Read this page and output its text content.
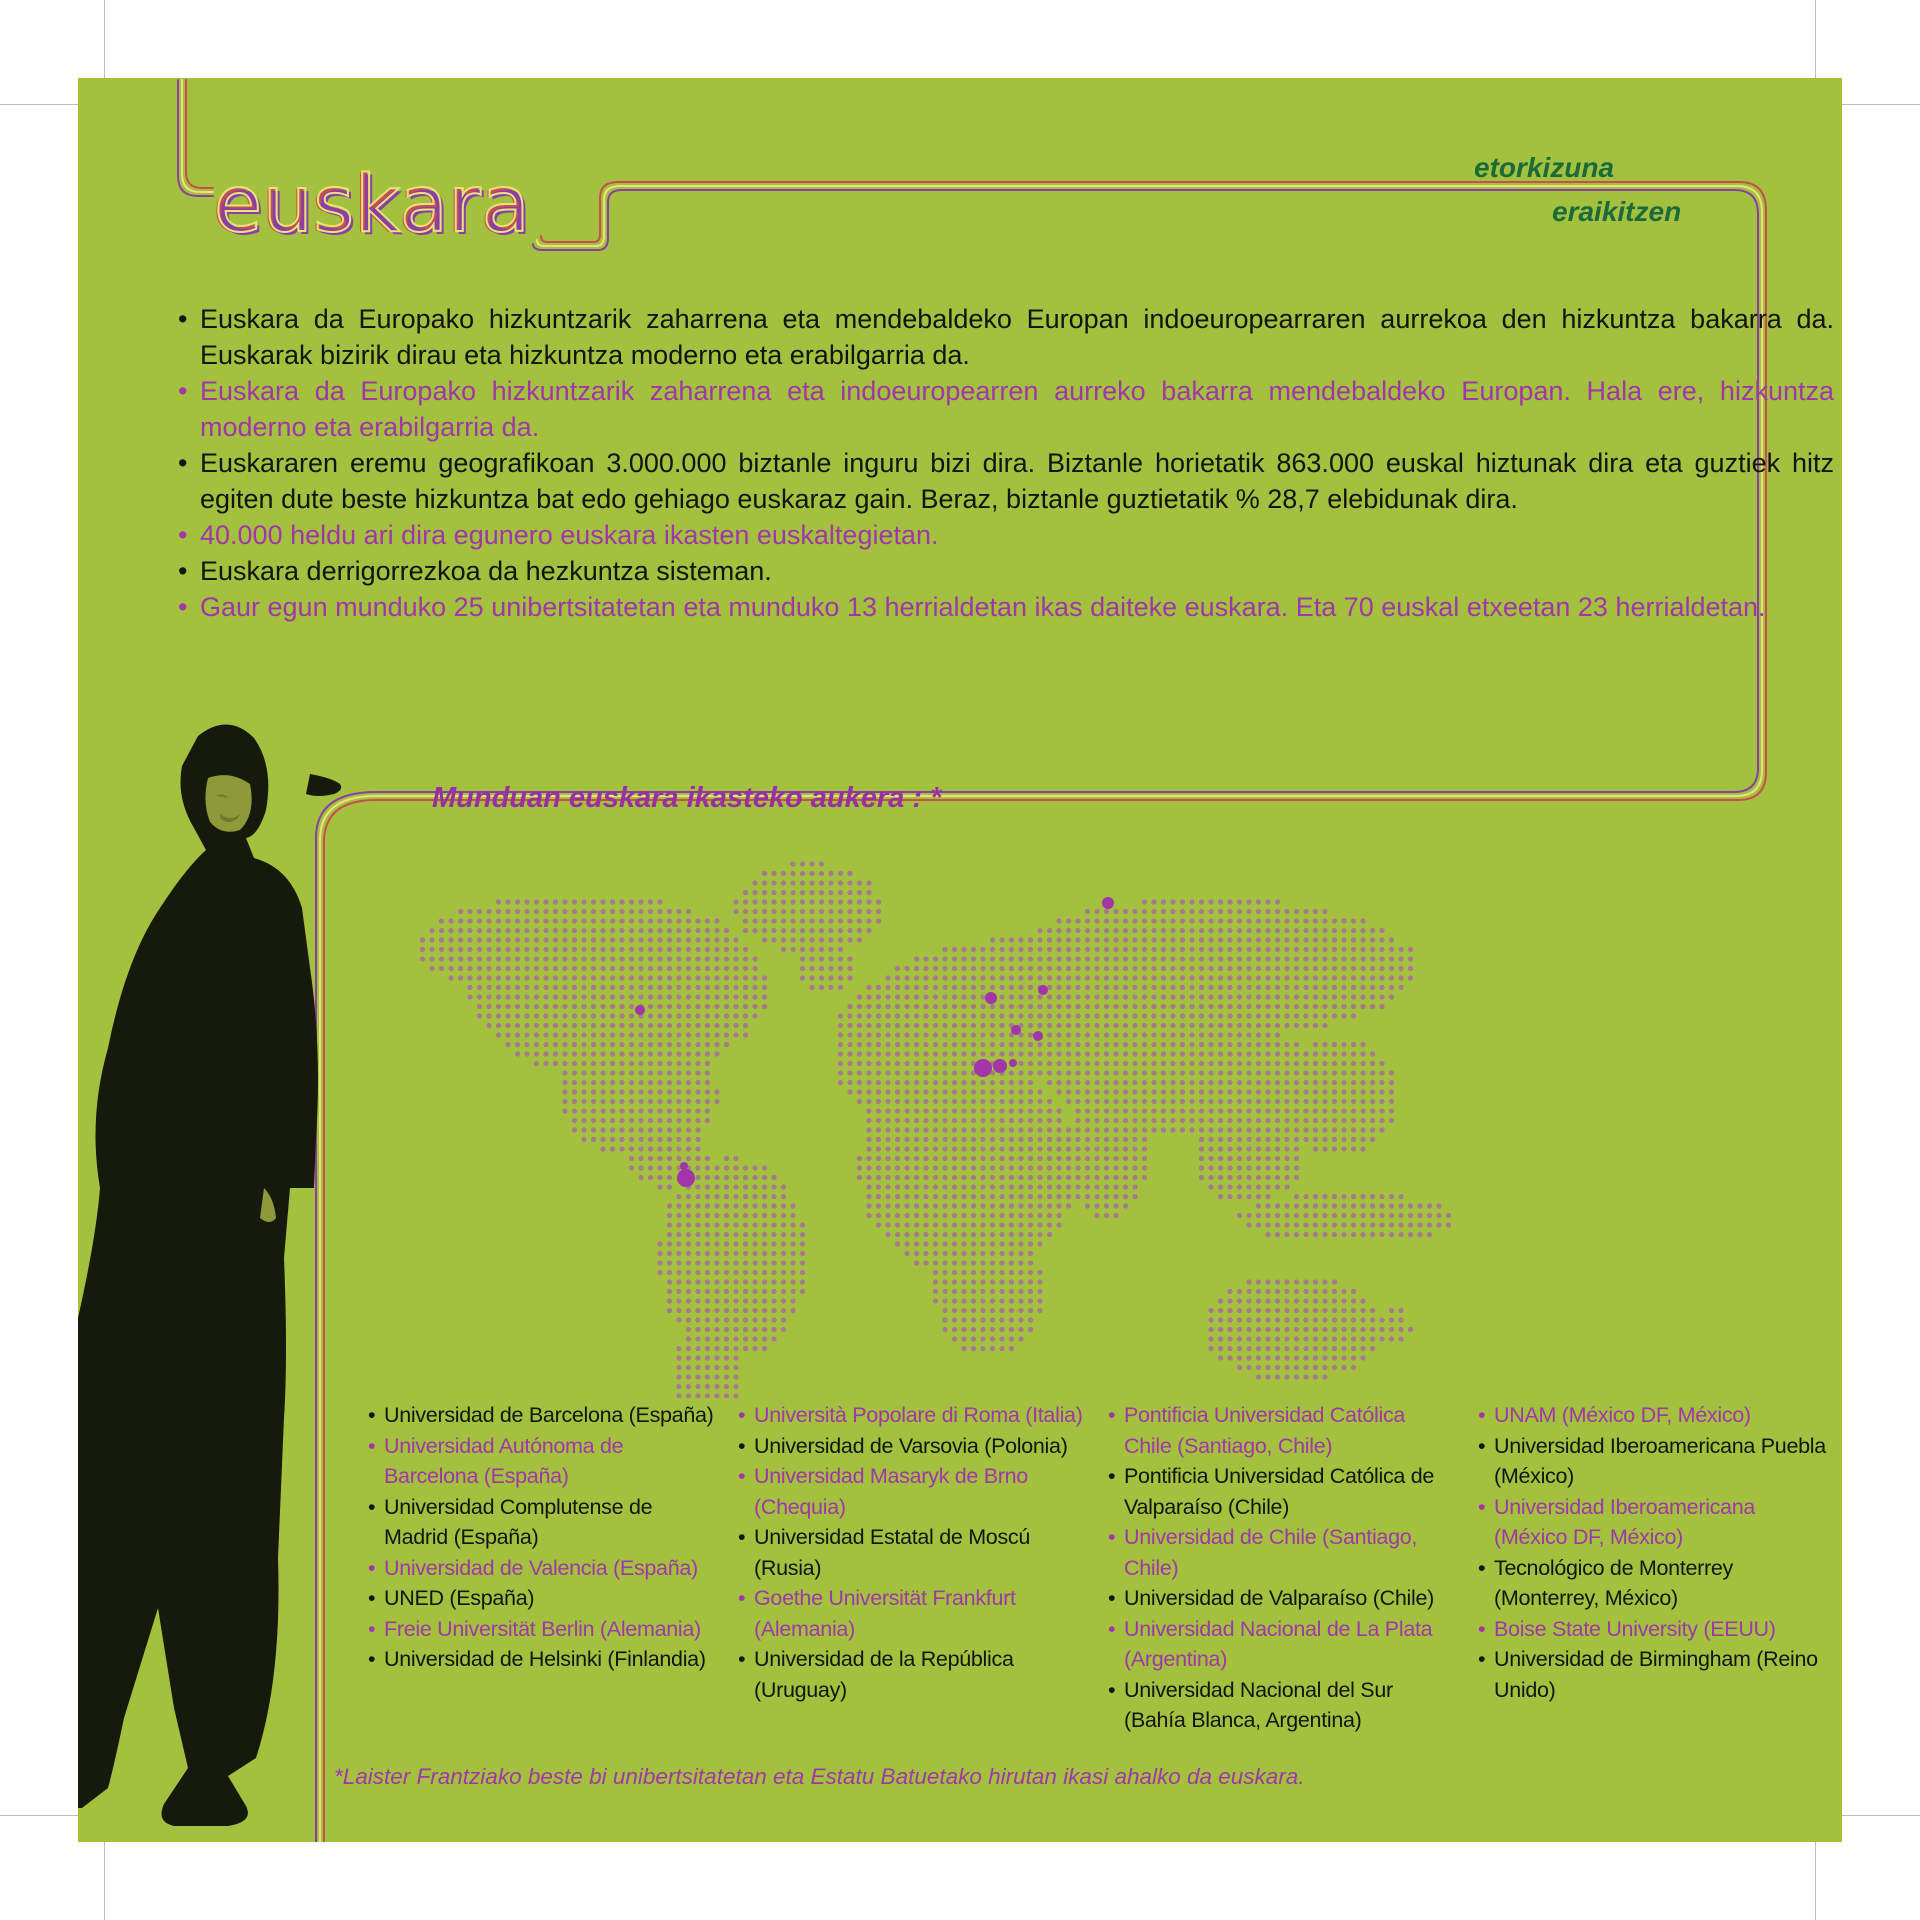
euskara	etorkizuna
eraikitzen
• Euskara da Europako hizkuntzarik zaharrena eta mendebaldeko Europan indoeuropearraren aurrekoa den hizkuntza bakarra da. Euskarak bizirik dirau eta hizkuntza moderno eta erabilgarria da.
• Euskara da Europako hizkuntzarik zaharrena eta indoeuropearren aurreko bakarra mendebaldeko Europan. Hala ere, hizkuntza moderno eta erabilgarria da.
• Euskararen eremu geografikoan 3.000.000 biztanle inguru bizi dira. Biztanle horietatik 863.000 euskal hiztunak dira eta guztiek hitz egiten dute beste hizkuntza bat edo gehiago euskaraz gain. Beraz, biztanle guztietatik % 28,7 elebidunak dira.
• 40.000 heldu ari dira egunero euskara ikasten euskaltegietan.
• Euskara derrigorrezkoa da hezkuntza sisteman.
• Gaur egun munduko 25 unibertsitatetan eta munduko 13 herrialdetan ikas daiteke euskara. Eta 70 euskal etxeetan 23 herrialdetan.
Munduan euskara ikasteko aukera : *
• Universidad de Barcelona (España)
• Universidad Autónoma de Barcelona (España)
• Universidad Complutense de Madrid (España)
• Universidad de Valencia (España)
• UNED (España)
• Freie Universität Berlin (Alemania)
• Universidad de Helsinki (Finlandia)
• Università Popolare di Roma (Italia)
• Universidad de Varsovia (Polonia)
• Universidad Masaryk de Brno (Chequia)
• Universidad Estatal de Moscú (Rusia)
• Goethe Universität Frankfurt (Alemania)
• Universidad de la República (Uruguay)
• Pontificia Universidad Católica Chile (Santiago, Chile)
• Pontificia Universidad Católica de Valparaíso (Chile)
• Universidad de Chile (Santiago, Chile)
• Universidad de Valparaíso (Chile)
• Universidad Nacional de La Plata (Argentina)
• Universidad Nacional del Sur (Bahía Blanca, Argentina)
• UNAM (México DF, México)
• Universidad Iberoamericana Puebla (México)
• Universidad Iberoamericana (México DF, México)
• Tecnológico de Monterrey (Monterrey, México)
• Boise State University (EEUU)
• Universidad de Birmingham (Reino Unido)
*Laister Frantziako beste bi unibertsitatetan eta Estatu Batuetako hirutan ikasi ahalko da euskara.
